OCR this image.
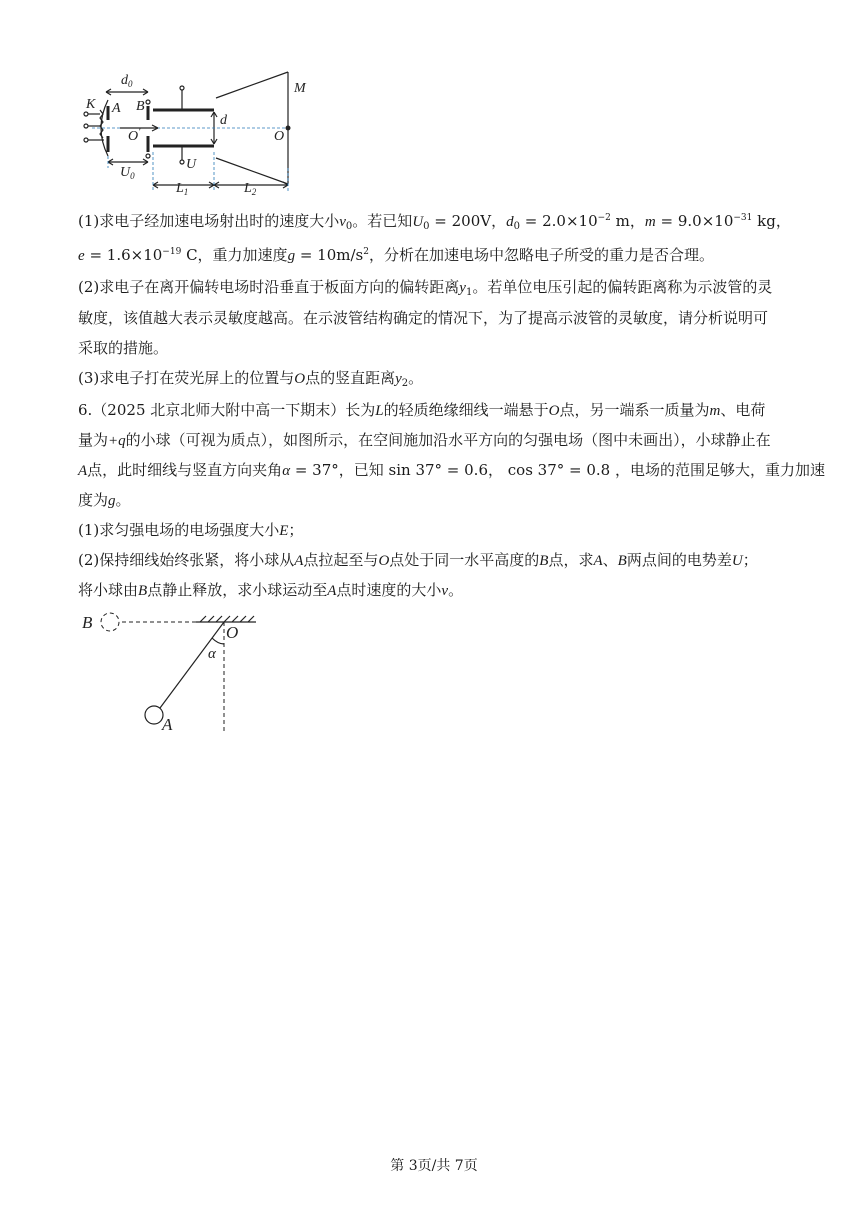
$d_0$
K A B
O′
d
O
M
$U_0$
U
$L_1$	$L_2$
(1)求电子经加速电场射出时的速度大小$v_0$。若已知$U_0 = 200V$，$d_0 = 2.0\times 10^{-2}$ m，$m = 9.0\times 10^{-31}$ kg，
$e = 1.6\times 10^{-19}$ C，重力加速度$g = 10m/s^2$，分析在加速电场中忽略电子所受的重力是否合理。
(2)求电子在离开偏转电场时沿垂直于板面方向的偏转距离$y_1$。若单位电压引起的偏转距离称为示波管的灵
敏度，该值越大表示灵敏度越高。在示波管结构确定的情况下，为了提高示波管的灵敏度，请分析说明可
采取的措施。
(3)求电子打在荧光屏上的位置与O点的竖直距离$y_2$。
6.（2025 北京北师大附中高一下期末）长为L的轻质绝缘细线一端悬于O点，另一端系一质量为m、电荷
量为+q的小球（可视为质点），如图所示，在空间施加沿水平方向的匀强电场（图中未画出），小球静止在
A点，此时细线与竖直方向夹角α = 37°，已知 sin 37° = 0.6， cos 37° = 0.8 ，电场的范围足够大，重力加速
度为g。
(1)求匀强电场的电场强度大小E；
(2)保持细线始终张紧，将小球从A点拉起至与O点处于同一水平高度的B点，求A、B两点间的电势差U；
将小球由B点静止释放，求小球运动至A点时速度的大小v。
B
O
α
A
第 3页/共 7页
